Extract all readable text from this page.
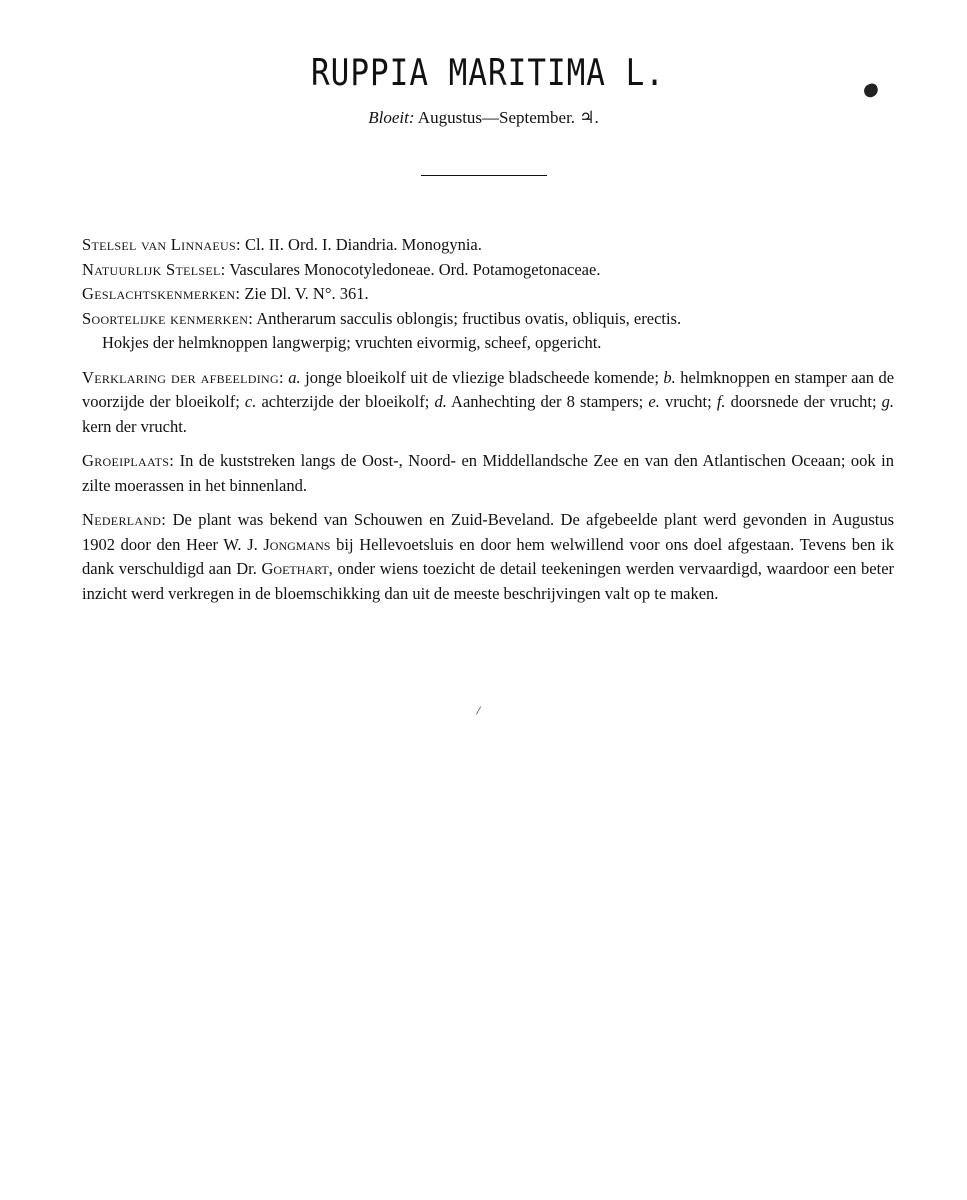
RUPPIA MARITIMA L.
Bloeit: Augustus—September. ♃.

Stelsel van Linnaeus: Cl. II. Ord. I. Diandria. Monogynia.

Natuurlijk Stelsel: Vasculares Monocotyledoneae. Ord. Potamogetonaceae.

Geslachtskenmerken: Zie Dl. V. N°. 361.

Soortelijke kenmerken: Antherarum sacculis oblongis; fructibus ovatis, obliquis, erectis.

Hokjes der helmknoppen langwerpig; vruchten eivormig, scheef, opgericht.

Verklaring der afbeelding: a. jonge bloeikolf uit de vliezige bladscheede komende; b. helmknoppen en stamper aan de voorzijde der bloeikolf; c. achterzijde der bloeikolf; d. Aanhechting der 8 stampers; e. vrucht; f. doorsnede der vrucht; g. kern der vrucht.

Groeiplaats: In de kuststreken langs de Oost-, Noord- en Middellandsche Zee en van den Atlantischen Oceaan; ook in zilte moerassen in het binnenland.

Nederland: De plant was bekend van Schouwen en Zuid-Beveland. De afgebeelde plant werd gevonden in Augustus 1902 door den Heer W. J. Jongmans bij Hellevoetsluis en door hem welwillend voor ons doel afgestaan. Tevens ben ik dank verschuldigd aan Dr. Goethart, onder wiens toezicht de detail teekeningen werden vervaardigd, waardoor een beter inzicht werd verkregen in de bloemschikking dan uit de meeste beschrijvingen valt op te maken.
